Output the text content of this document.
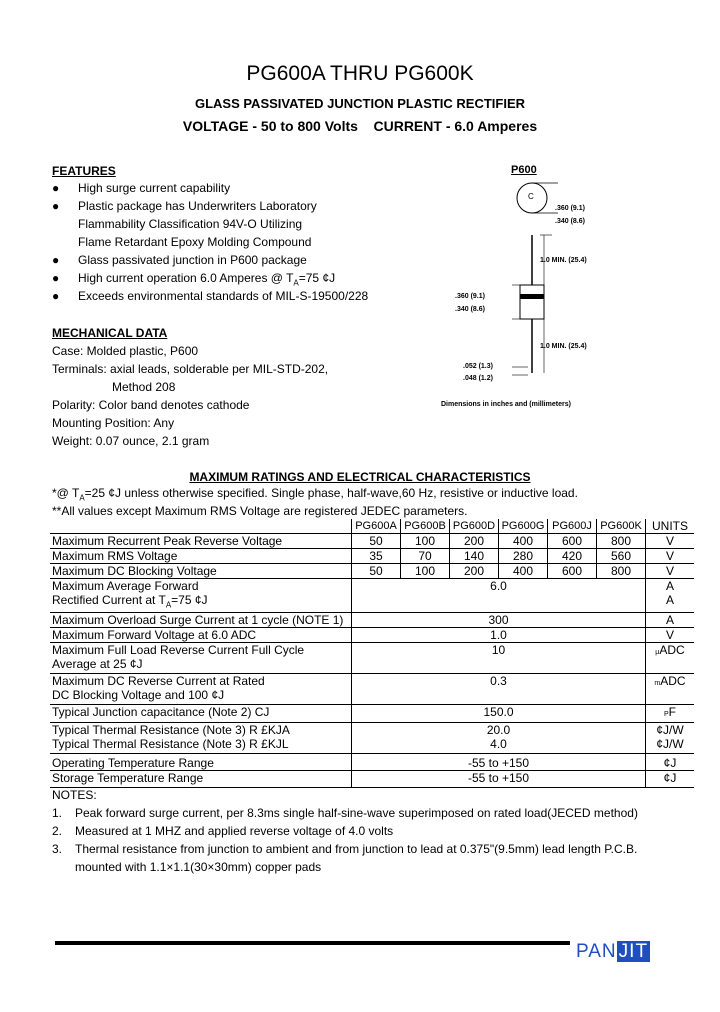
PG600A THRU PG600K
GLASS PASSIVATED JUNCTION PLASTIC RECTIFIER
VOLTAGE - 50 to 800 Volts CURRENT - 6.0 Amperes
FEATURES
● High surge current capability
● Plastic package has Underwriters Laboratory
Flammability Classification 94V-O Utilizing
Flame Retardant Epoxy Molding Compound
● Glass passivated junction in P600 package
● High current operation 6.0 Amperes @ $T_A=75$ ¢J
● Exceeds environmental standards of MIL-S-19500/228
P600
C
.360 (9.1)
.340 (8.6)
1.0 MIN. (25.4)
.360 (9.1)
.340 (8.6)
1.0 MIN. (25.4)
.052 (1.3)
.048 (1.2)
Dimensions in inches and (millimeters)
MECHANICAL DATA
Case: Molded plastic, P600
Terminals: axial leads, solderable per MIL-STD-202,
Method 208
Polarity: Color band denotes cathode
Mounting Position: Any
Weight: 0.07 ounce, 2.1 gram
MAXIMUM RATINGS AND ELECTRICAL CHARACTERISTICS
*@ $T_A=25$ ¢J unless otherwise specified. Single phase, half-wave,60 Hz, resistive or inductive load.
**All values except Maximum RMS Voltage are registered JEDEC parameters.
	PG600A	PG600B	PG600D	PG600G	PG600J	PG600K	UNITS
Maximum Recurrent Peak Reverse Voltage	50	100	200	400	600	800	V
Maximum RMS Voltage	35	70	140	280	420	560	V
Maximum DC Blocking Voltage	50	100	200	400	600	800	V
Maximum Average Forward
Rectified Current at $T_A=75$ ¢J	6.0						A
A
Maximum Overload Surge Current at 1 cycle (NOTE 1)	300						A
Maximum Forward Voltage at 6.0 ADC	1.0						V
Maximum Full Load Reverse Current Full Cycle
Average at 25 ¢J	10						µADC
Maximum DC Reverse Current at Rated
DC Blocking Voltage and 100 ¢J	0.3						mADC
Typical Junction capacitance (Note 2) CJ	150.0						PF
Typical Thermal Resistance (Note 3) R £KJA	20.0						¢J/W
Typical Thermal Resistance (Note 3) R £KJL	4.0						¢J/W
Operating Temperature Range	-55 to +150						¢J
Storage Temperature Range	-55 to +150						¢J
NOTES:
1. Peak forward surge current, per 8.3ms single half-sine-wave superimposed on rated load(JECED method)
2. Measured at 1 MHZ and applied reverse voltage of 4.0 volts
3. Thermal resistance from junction to ambient and from junction to lead at 0.375"(9.5mm) lead length P.C.B.
mounted with 1.1×1.1(30×30mm) copper pads
PAN JIT
